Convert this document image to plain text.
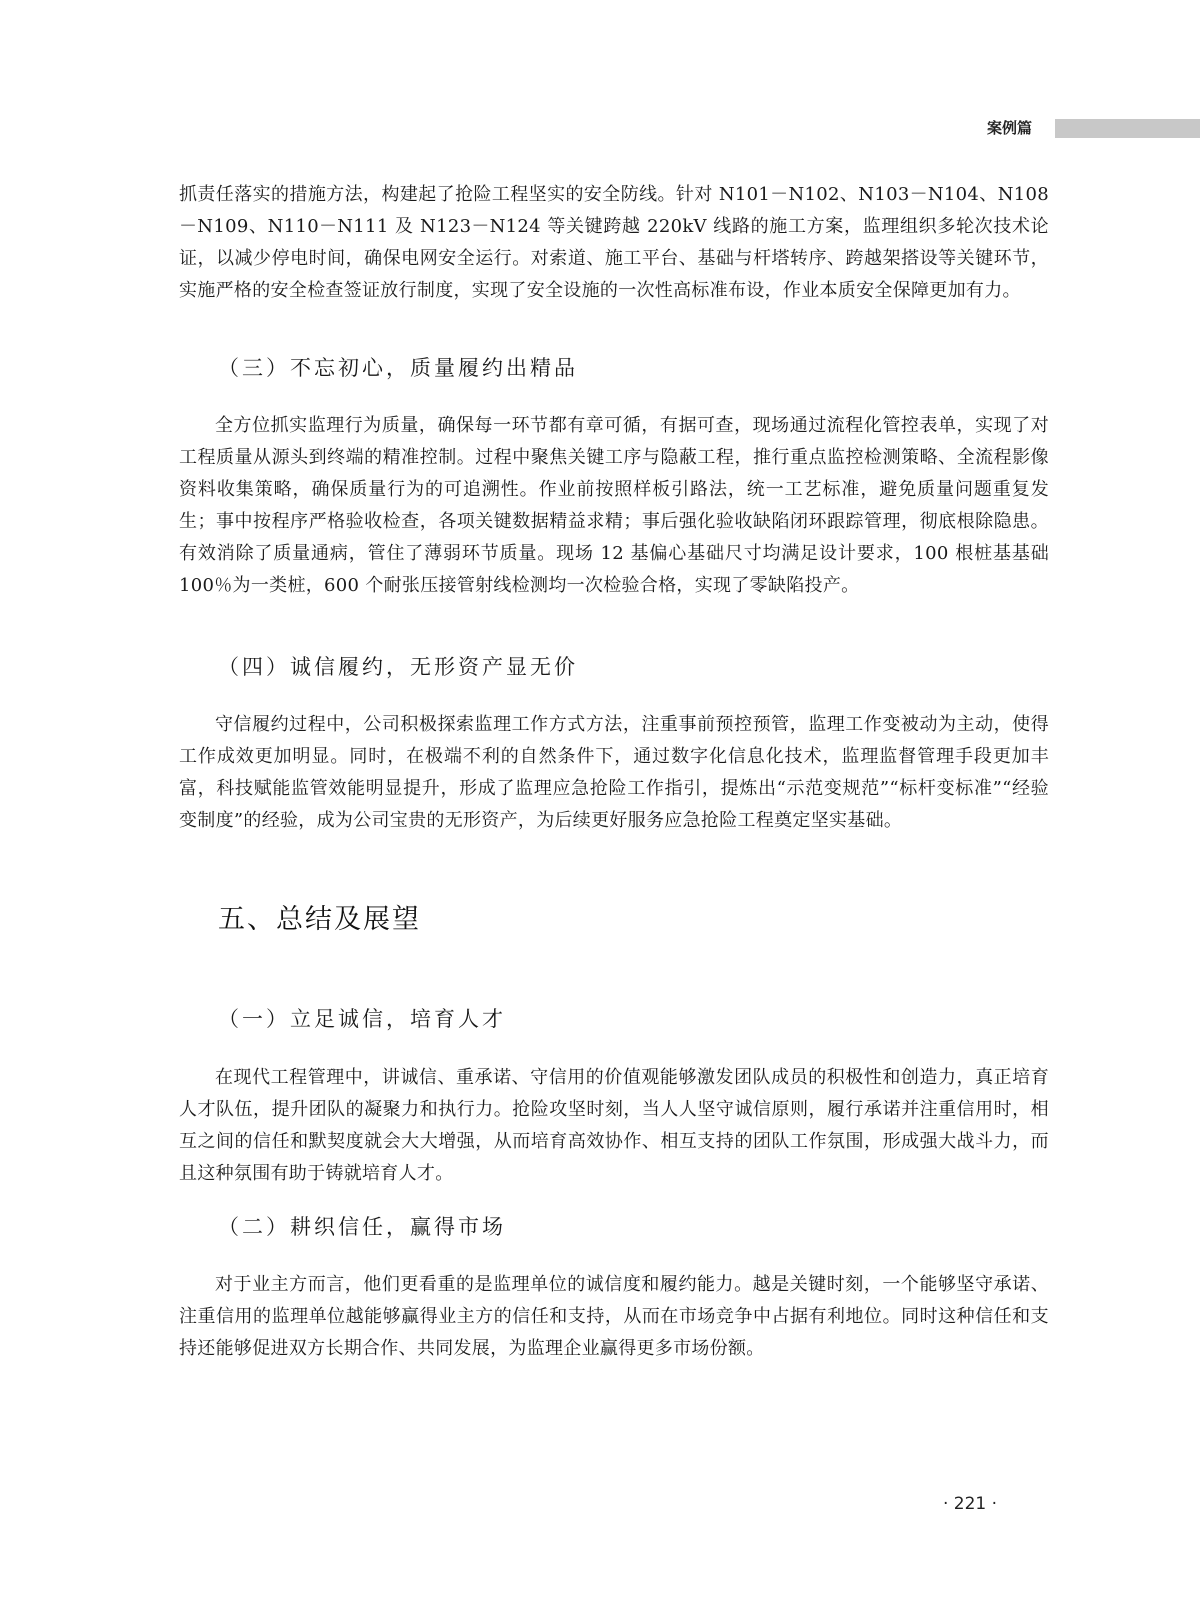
案例篇

抓责任落实的措施方法，构建起了抢险工程坚实的安全防线。针对 N101－N102、N103－N104、N108－N109、N110－N111 及 N123－N124 等关键跨越 220kV 线路的施工方案，监理组织多轮次技术论证，以减少停电时间，确保电网安全运行。对索道、施工平台、基础与杆塔转序、跨越架搭设等关键环节，实施严格的安全检查签证放行制度，实现了安全设施的一次性高标准布设，作业本质安全保障更加有力。

（三）不忘初心，质量履约出精品

全方位抓实监理行为质量，确保每一环节都有章可循，有据可查，现场通过流程化管控表单，实现了对工程质量从源头到终端的精准控制。过程中聚焦关键工序与隐蔽工程，推行重点监控检测策略、全流程影像资料收集策略，确保质量行为的可追溯性。作业前按照样板引路法，统一工艺标准，避免质量问题重复发生；事中按程序严格验收检查，各项关键数据精益求精；事后强化验收缺陷闭环跟踪管理，彻底根除隐患。有效消除了质量通病，管住了薄弱环节质量。现场 12 基偏心基础尺寸均满足设计要求，100 根桩基基础 100％为一类桩，600 个耐张压接管射线检测均一次检验合格，实现了零缺陷投产。

（四）诚信履约，无形资产显无价

守信履约过程中，公司积极探索监理工作方式方法，注重事前预控预管，监理工作变被动为主动，使得工作成效更加明显。同时，在极端不利的自然条件下，通过数字化信息化技术，监理监督管理手段更加丰富，科技赋能监管效能明显提升，形成了监理应急抢险工作指引，提炼出“示范变规范”“标杆变标准”“经验变制度”的经验，成为公司宝贵的无形资产，为后续更好服务应急抢险工程奠定坚实基础。

五、总结及展望
（一）立足诚信，培育人才

在现代工程管理中，讲诚信、重承诺、守信用的价值观能够激发团队成员的积极性和创造力，真正培育人才队伍，提升团队的凝聚力和执行力。抢险攻坚时刻，当人人坚守诚信原则，履行承诺并注重信用时，相互之间的信任和默契度就会大大增强，从而培育高效协作、相互支持的团队工作氛围，形成强大战斗力，而且这种氛围有助于铸就培育人才。

（二）耕织信任，赢得市场

对于业主方而言，他们更看重的是监理单位的诚信度和履约能力。越是关键时刻，一个能够坚守承诺、注重信用的监理单位越能够赢得业主方的信任和支持，从而在市场竞争中占据有利地位。同时这种信任和支持还能够促进双方长期合作、共同发展，为监理企业赢得更多市场份额。

· 221 ·
